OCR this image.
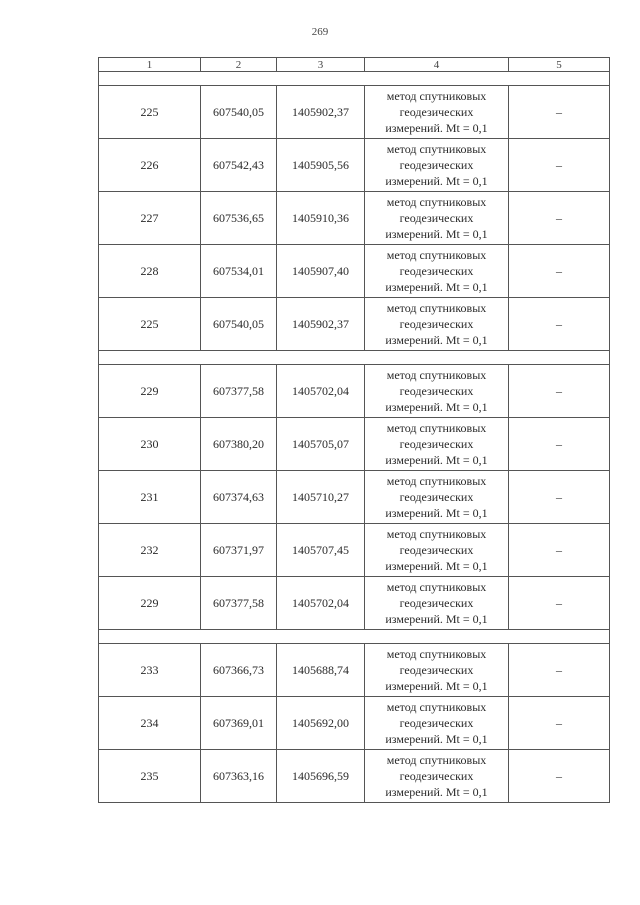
269
1	2	3	4	5

225	607540,05	1405902,37	метод спутниковых
геодезических
измерений. Mt = 0,1	–
226	607542,43	1405905,56	метод спутниковых
геодезических
измерений. Mt = 0,1	–
227	607536,65	1405910,36	метод спутниковых
геодезических
измерений. Mt = 0,1	–
228	607534,01	1405907,40	метод спутниковых
геодезических
измерений. Mt = 0,1	–
225	607540,05	1405902,37	метод спутниковых
геодезических
измерений. Mt = 0,1	–

229	607377,58	1405702,04	метод спутниковых
геодезических
измерений. Mt = 0,1	–
230	607380,20	1405705,07	метод спутниковых
геодезических
измерений. Mt = 0,1	–
231	607374,63	1405710,27	метод спутниковых
геодезических
измерений. Mt = 0,1	–
232	607371,97	1405707,45	метод спутниковых
геодезических
измерений. Mt = 0,1	–
229	607377,58	1405702,04	метод спутниковых
геодезических
измерений. Mt = 0,1	–

233	607366,73	1405688,74	метод спутниковых
геодезических
измерений. Mt = 0,1	–
234	607369,01	1405692,00	метод спутниковых
геодезических
измерений. Mt = 0,1	–
235	607363,16	1405696,59	метод спутниковых
геодезических
измерений. Mt = 0,1	–
